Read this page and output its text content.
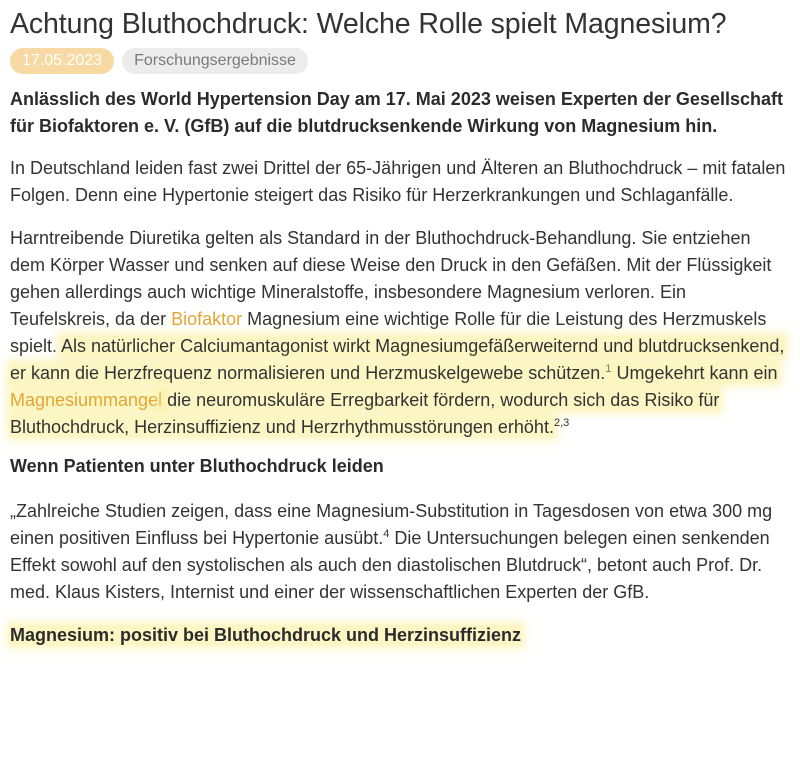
Achtung Bluthochdruck: Welche Rolle spielt Magnesium?
17.05.2023	Forschungsergebnisse

Anlässlich des World Hypertension Day am 17. Mai 2023 weisen Experten der Gesellschaft für Biofaktoren e. V. (GfB) auf die blutdrucksenkende Wirkung von Magnesium hin.

In Deutschland leiden fast zwei Drittel der 65-Jährigen und Älteren an Bluthochdruck – mit fatalen Folgen. Denn eine Hypertonie steigert das Risiko für Herzerkrankungen und Schlaganfälle.

Harntreibende Diuretika gelten als Standard in der Bluthochdruck-Behandlung. Sie entziehen dem Körper Wasser und senken auf diese Weise den Druck in den Gefäßen. Mit der Flüssigkeit gehen allerdings auch wichtige Mineralstoffe, insbesondere Magnesium verloren. Ein Teufelskreis, da der Biofaktor Magnesium eine wichtige Rolle für die Leistung des Herzmuskels spielt. Als natürlicher Calciumantagonist wirkt Magnesiumgefäßerweiternd und blutdrucksenkend, er kann die Herzfrequenz normalisieren und Herzmuskelgewebe schützen.$^1$ Umgekehrt kann ein Magnesiummangel die neuromuskuläre Erregbarkeit fördern, wodurch sich das Risiko für Bluthochdruck, Herzinsuffizienz und Herzrhythmusstörungen erhöht.$^{2,3}$

Wenn Patienten unter Bluthochdruck leiden

„Zahlreiche Studien zeigen, dass eine Magnesium-Substitution in Tagesdosen von etwa 300 mg einen positiven Einfluss bei Hypertonie ausübt.$^4$ Die Untersuchungen belegen einen senkenden Effekt sowohl auf den systolischen als auch den diastolischen Blutdruck“, betont auch Prof. Dr. med. Klaus Kisters, Internist und einer der wissenschaftlichen Experten der GfB.

Magnesium: positiv bei Bluthochdruck und Herzinsuffizienz
